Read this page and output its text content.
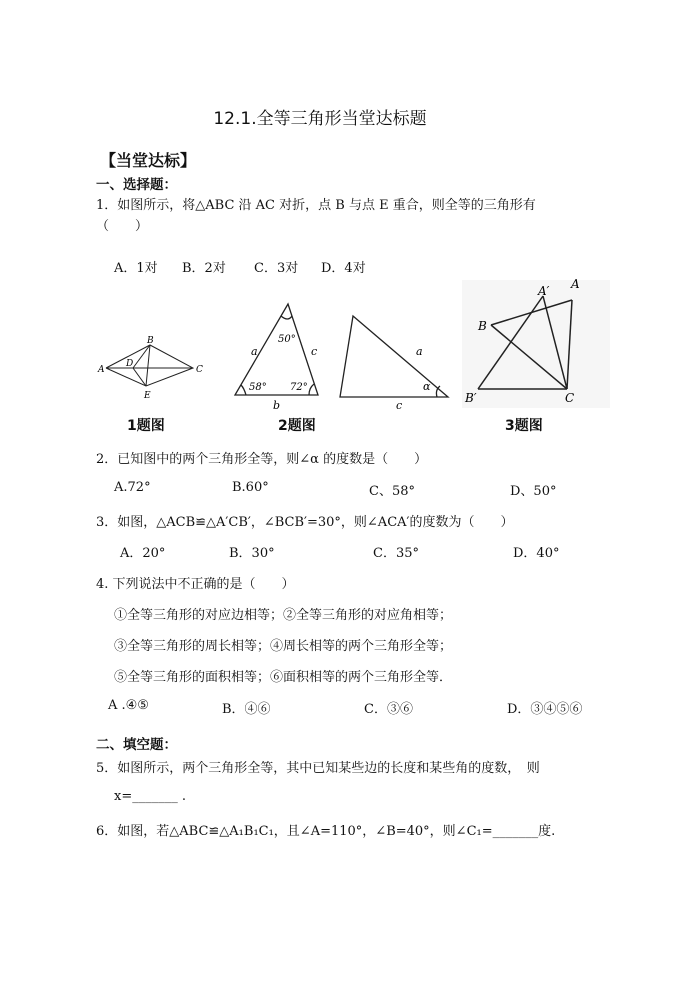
12.1.全等三角形当堂达标题
【当堂达标】
一、选择题：
1．如图所示，将△ABC 沿 AC 对折，点 B 与点 E 重合，则全等的三角形有
（　　）
A．1对 B．2对 C．3对 D．4对
A
B
C
D
E
50°
a	c
58° 72°
b
a
α
c
A′ A
B
B′	C
1题图	2题图	3题图
2．已知图中的两个三角形全等，则∠α 的度数是（　　）
A.72°	B.60°	C、58°	D、50°
3．如图，△ACB≌△A′CB′，∠BCB′=30°，则∠ACA′的度数为（　　）
A．20°	B．30°	C．35°	D．40°
4. 下列说法中不正确的是（　　）
①全等三角形的对应边相等；②全等三角形的对应角相等；
③全等三角形的周长相等；④周长相等的两个三角形全等；
⑤全等三角形的面积相等；⑥面积相等的两个三角形全等．
A .④⑤	B．④⑥	C．③⑥	D．③④⑤⑥
二、填空题：
5．如图所示，两个三角形全等，其中已知某些边的长度和某些角的度数，　则
x=_______ .
6．如图，若△ABC≌△A₁B₁C₁，且∠A=110°，∠B=40°，则∠C₁=_______度.
